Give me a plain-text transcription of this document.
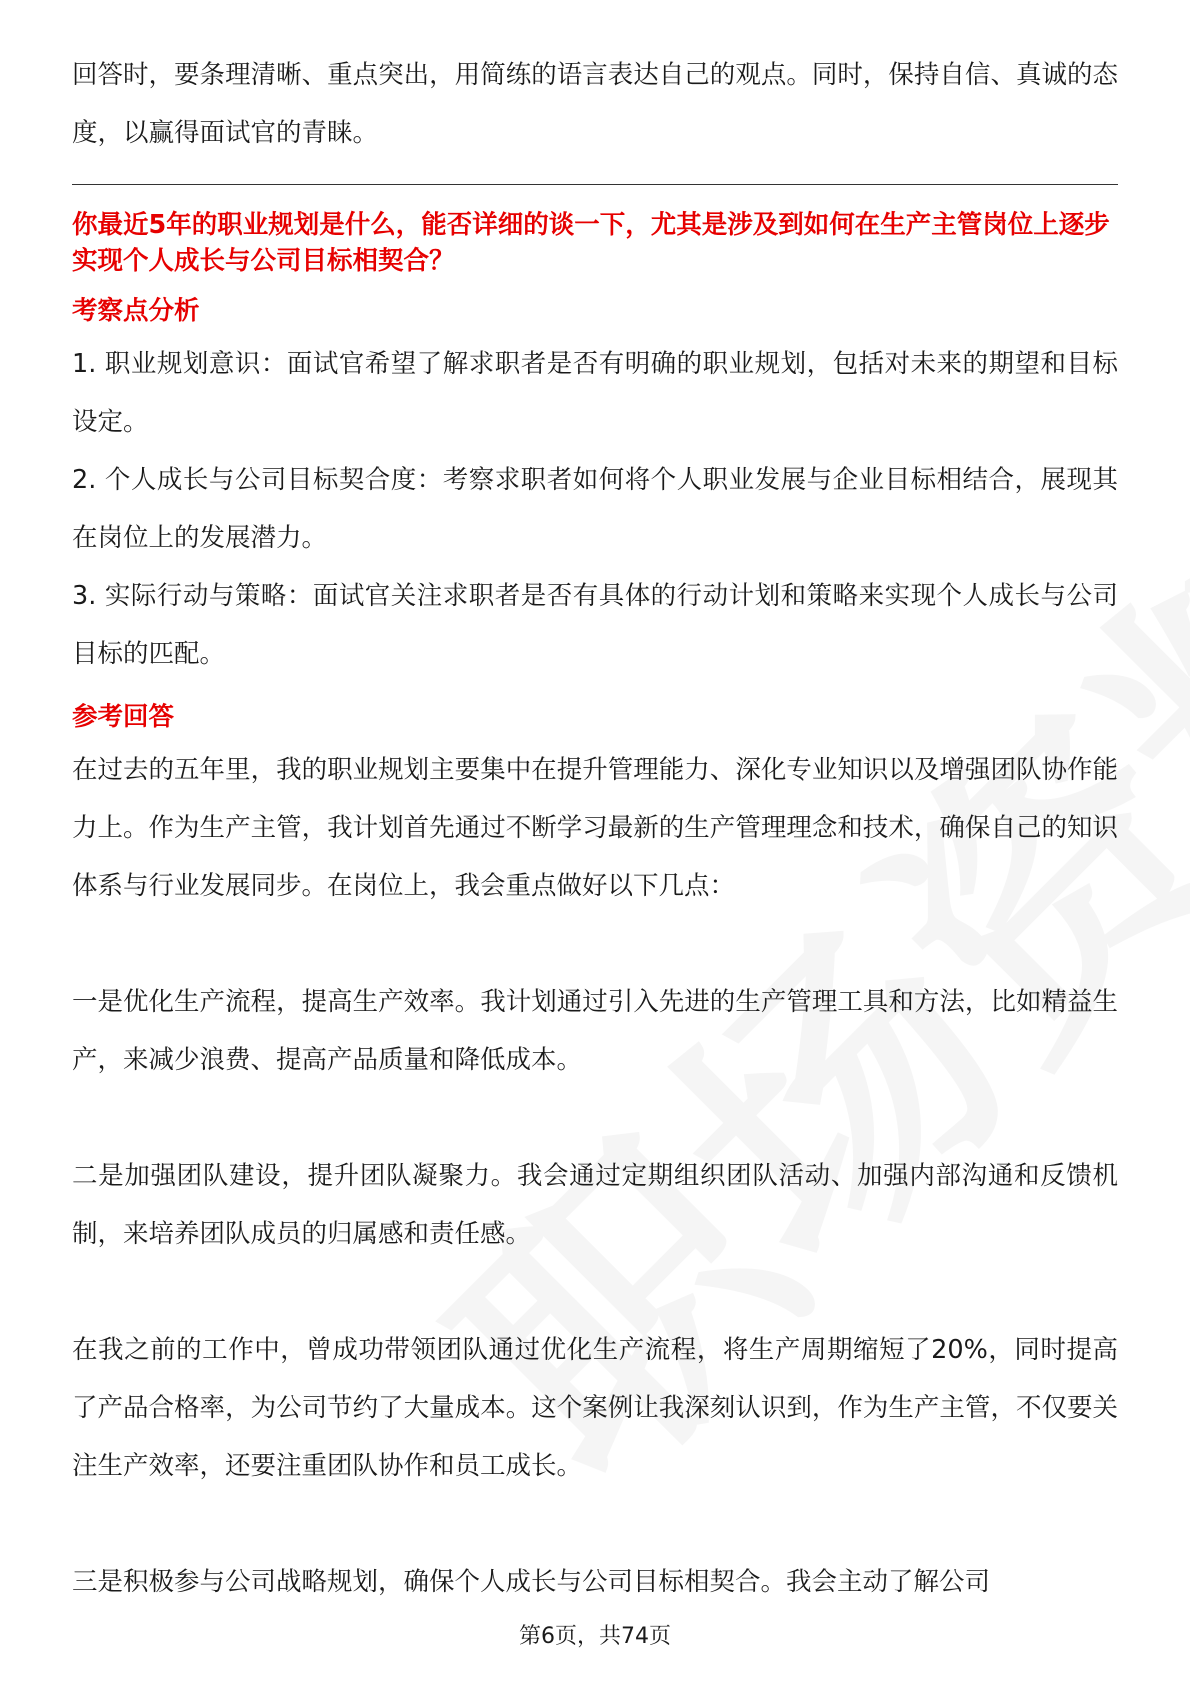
回答时，要条理清晰、重点突出，用简练的语言表达自己的观点。同时，保持自信、真诚的态度，以赢得面试官的青睐。

你最近5年的职业规划是什么，能否详细的谈一下，尤其是涉及到如何在生产主管岗位上逐步实现个人成长与公司目标相契合？

考察点分析

1. 职业规划意识：面试官希望了解求职者是否有明确的职业规划，包括对未来的期望和目标设定。

2. 个人成长与公司目标契合度：考察求职者如何将个人职业发展与企业目标相结合，展现其在岗位上的发展潜力。

3. 实际行动与策略：面试官关注求职者是否有具体的行动计划和策略来实现个人成长与公司目标的匹配。

参考回答

在过去的五年里，我的职业规划主要集中在提升管理能力、深化专业知识以及增强团队协作能力上。作为生产主管，我计划首先通过不断学习最新的生产管理理念和技术，确保自己的知识体系与行业发展同步。在岗位上，我会重点做好以下几点：

一是优化生产流程，提高生产效率。我计划通过引入先进的生产管理工具和方法，比如精益生产，来减少浪费、提高产品质量和降低成本。

二是加强团队建设，提升团队凝聚力。我会通过定期组织团队活动、加强内部沟通和反馈机制，来培养团队成员的归属感和责任感。

在我之前的工作中，曾成功带领团队通过优化生产流程，将生产周期缩短了20%，同时提高了产品合格率，为公司节约了大量成本。这个案例让我深刻认识到，作为生产主管，不仅要关注生产效率，还要注重团队协作和员工成长。

三是积极参与公司战略规划，确保个人成长与公司目标相契合。我会主动了解公司

第6页，共74页
